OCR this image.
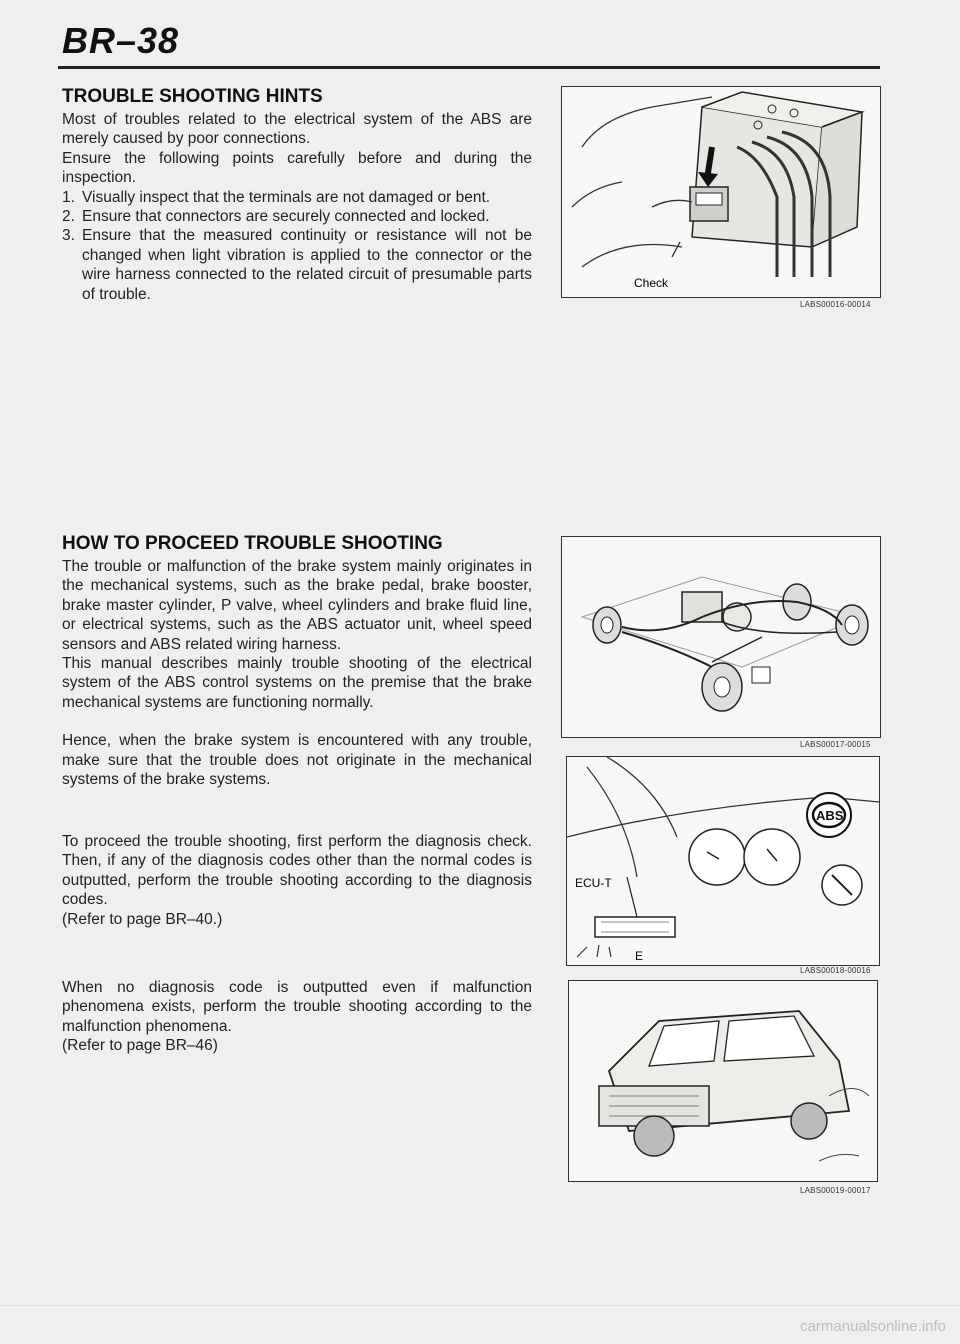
BR–38
TROUBLE SHOOTING HINTS

Most of troubles related to the electrical system of the ABS are merely caused by poor connections.

Ensure the following points carefully before and during the inspection.

1. Visually inspect that the terminals are not damaged or bent.
2. Ensure that connectors are securely connected and locked.
3. Ensure that the measured continuity or resistance will not be changed when light vibration is applied to the connector or the wire harness connected to the related circuit of presumable parts of trouble.
Check
LABS00016-00014
HOW TO PROCEED TROUBLE SHOOTING

The trouble or malfunction of the brake system mainly originates in the mechanical systems, such as the brake pedal, brake booster, brake master cylinder, P valve, wheel cylinders and brake fluid line, or electrical systems, such as the ABS actuator unit, wheel speed sensors and ABS related wiring harness.

This manual describes mainly trouble shooting of the electrical system of the ABS control systems on the premise that the brake mechanical systems are functioning normally.

Hence, when the brake system is encountered with any trouble, make sure that the trouble does not originate in the mechanical systems of the brake systems.

To proceed the trouble shooting, first perform the diagnosis check. Then, if any of the diagnosis codes other than the normal codes is outputted, perform the trouble shooting according to the diagnosis codes.

(Refer to page BR–40.)

When no diagnosis code is outputted even if malfunction phenomena exists, perform the trouble shooting according to the malfunction phenomena.

(Refer to page BR–46)

LABS00017-00015
ABS
ECU-T
E
LABS00018-00016
LABS00019-00017
carmanualsonline.info
